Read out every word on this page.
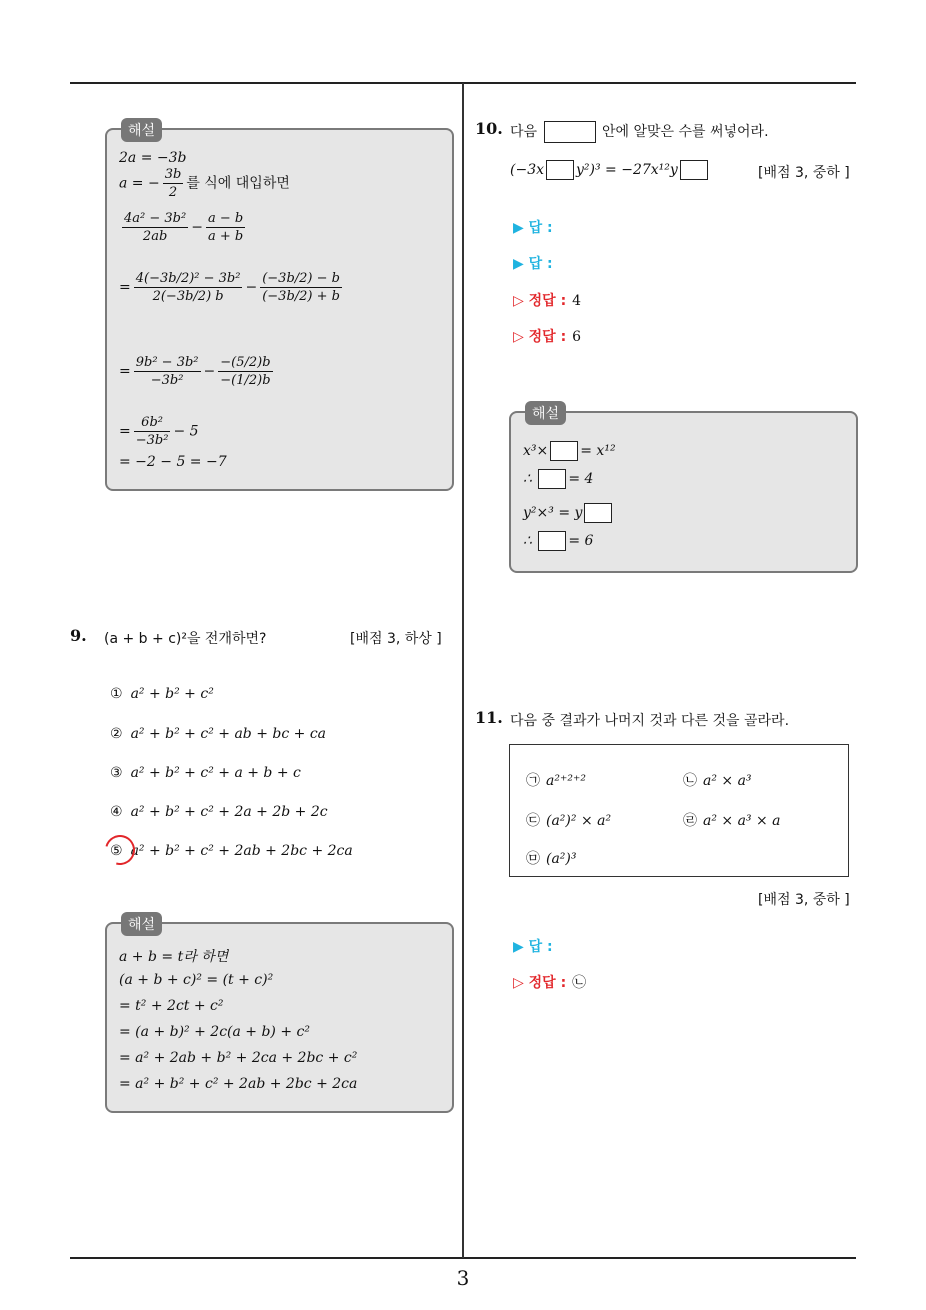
3
해설
2a = −3b
a = − $\frac{3b}{2}$ 를 식에 대입하면
$\frac{\text{4a² − 3b²}}{2ab} - \frac{a - b}{a + b}$
= $\frac{\text{4(−3b/2)² − 3b²}}{2(-3b/2) b} - \frac{(-3b/2) - b}{(-3b/2) + b}$
= $\frac{\text{9b² − 3b²}}{\text{−3b²}} - \frac{-(5/2)b}{-(1/2)b}$
= $\frac{\text{6b²}}{\text{−3b²}} - 5$
= −2 − 5 = −7
9. (a + b + c)²을 전개하면?	[배점 3, 하상 ]
① a² + b² + c²
② a² + b² + c² + ab + bc + ca
③ a² + b² + c² + a + b + c
④ a² + b² + c² + 2a + 2b + 2c
⑤ a² + b² + c² + 2ab + 2bc + 2ca
해설
a + b = t라 하면
(a + b + c)² = (t + c)²
= t² + 2ct + c²
= (a + b)² + 2c(a + b) + c²
= a² + 2ab + b² + 2ca + 2bc + c²
= a² + b² + c² + 2ab + 2bc + 2ca
10. 다음	안에 알맞은 수를 써넣어라.
(−3x y²)³ = −27x¹²y	[배점 3, 중하 ]
▶ 답 :
▶ 답 :
▷ 정답 : 4
▷ 정답 : 6
해설
x³× = x¹²
∴	= 4
y²×³ = y
∴	= 6
11. 다음 중 결과가 나머지 것과 다른 것을 골라라.
㉠ a²⁺²⁺²	㉡ a² × a³
㉢ (a²)² × a²	㉣ a² × a³ × a
㉤ (a²)³
[배점 3, 중하 ]
▶ 답 :
▷ 정답 : ㉡
